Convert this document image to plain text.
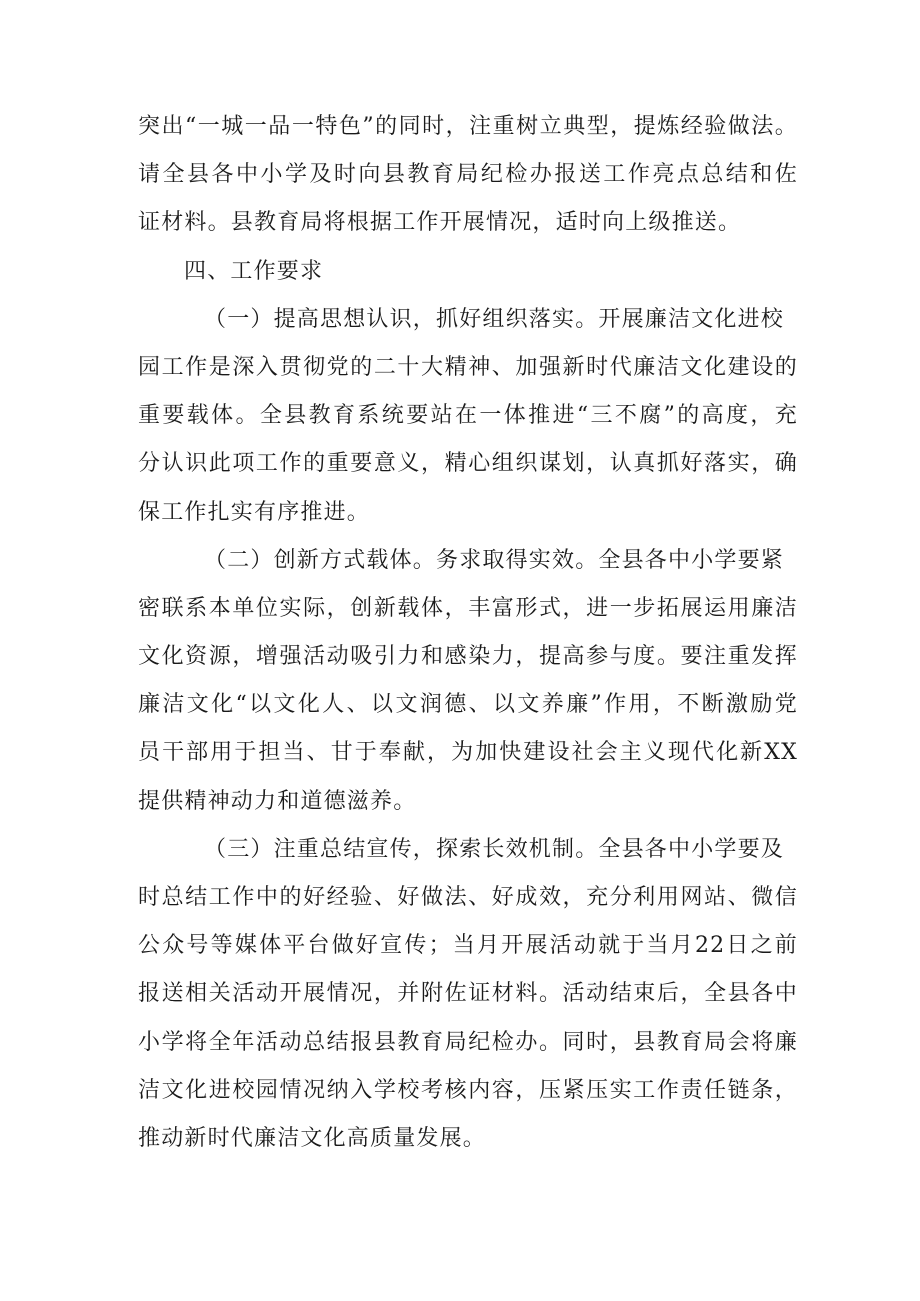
突出“一城一品一特色”的同时，注重树立典型，提炼经验做法。
请全县各中小学及时向县教育局纪检办报送工作亮点总结和佐
证材料。县教育局将根据工作开展情况，适时向上级推送。
四、工作要求
（一）提高思想认识，抓好组织落实。开展廉洁文化进校
园工作是深入贯彻党的二十大精神、加强新时代廉洁文化建设的
重要载体。全县教育系统要站在一体推进“三不腐”的高度，充
分认识此项工作的重要意义，精心组织谋划，认真抓好落实，确
保工作扎实有序推进。
（二）创新方式载体。务求取得实效。全县各中小学要紧
密联系本单位实际，创新载体，丰富形式，进一步拓展运用廉洁
文化资源，增强活动吸引力和感染力，提高参与度。要注重发挥
廉洁文化“以文化人、以文润德、以文养廉”作用，不断激励党
员干部用于担当、甘于奉献，为加快建设社会主义现代化新XX
提供精神动力和道德滋养。
（三）注重总结宣传，探索长效机制。全县各中小学要及
时总结工作中的好经验、好做法、好成效，充分利用网站、微信
公众号等媒体平台做好宣传；当月开展活动就于当月22日之前
报送相关活动开展情况，并附佐证材料。活动结束后，全县各中
小学将全年活动总结报县教育局纪检办。同时，县教育局会将廉
洁文化进校园情况纳入学校考核内容，压紧压实工作责任链条，
推动新时代廉洁文化高质量发展。
